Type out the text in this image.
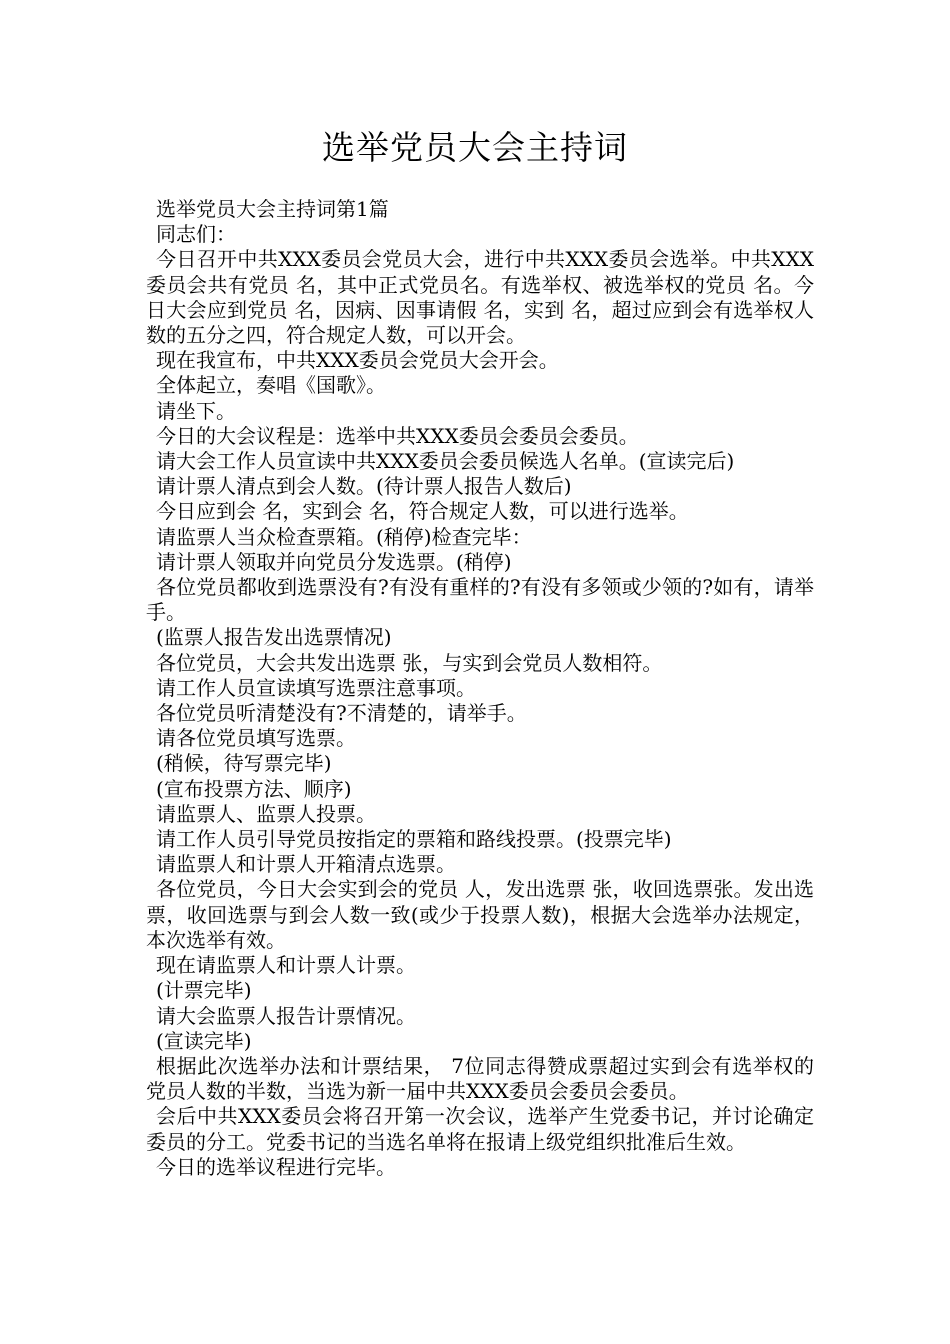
选举党员大会主持词

选举党员大会主持词第1篇

同志们：

今日召开中共XXX委员会党员大会，进行中共XXX委员会选举。中共XXX委员会共有党员 名，其中正式党员名。有选举权、被选举权的党员 名。今日大会应到党员 名，因病、因事请假 名，实到 名，超过应到会有选举权人数的五分之四，符合规定人数，可以开会。

现在我宣布，中共XXX委员会党员大会开会。

全体起立，奏唱《国歌》。

请坐下。

今日的大会议程是：选举中共XXX委员会委员会委员。

请大会工作人员宣读中共XXX委员会委员候选人名单。(宣读完后)

请计票人清点到会人数。(待计票人报告人数后)

今日应到会 名，实到会 名，符合规定人数，可以进行选举。

请监票人当众检查票箱。(稍停)检查完毕：

请计票人领取并向党员分发选票。(稍停)

各位党员都收到选票没有?有没有重样的?有没有多领或少领的?如有，请举手。

(监票人报告发出选票情况)

各位党员，大会共发出选票 张，与实到会党员人数相符。

请工作人员宣读填写选票注意事项。

各位党员听清楚没有?不清楚的，请举手。

请各位党员填写选票。

(稍候，待写票完毕)

(宣布投票方法、顺序)

请监票人、监票人投票。

请工作人员引导党员按指定的票箱和路线投票。(投票完毕)

请监票人和计票人开箱清点选票。

各位党员，今日大会实到会的党员 人，发出选票 张，收回选票张。发出选票，收回选票与到会人数一致(或少于投票人数)，根据大会选举办法规定，本次选举有效。

现在请监票人和计票人计票。

(计票完毕)

请大会监票人报告计票情况。

(宣读完毕)

根据此次选举办法和计票结果， 7位同志得赞成票超过实到会有选举权的党员人数的半数，当选为新一届中共XXX委员会委员会委员。

会后中共XXX委员会将召开第一次会议，选举产生党委书记，并讨论确定委员的分工。党委书记的当选名单将在报请上级党组织批准后生效。

今日的选举议程进行完毕。
